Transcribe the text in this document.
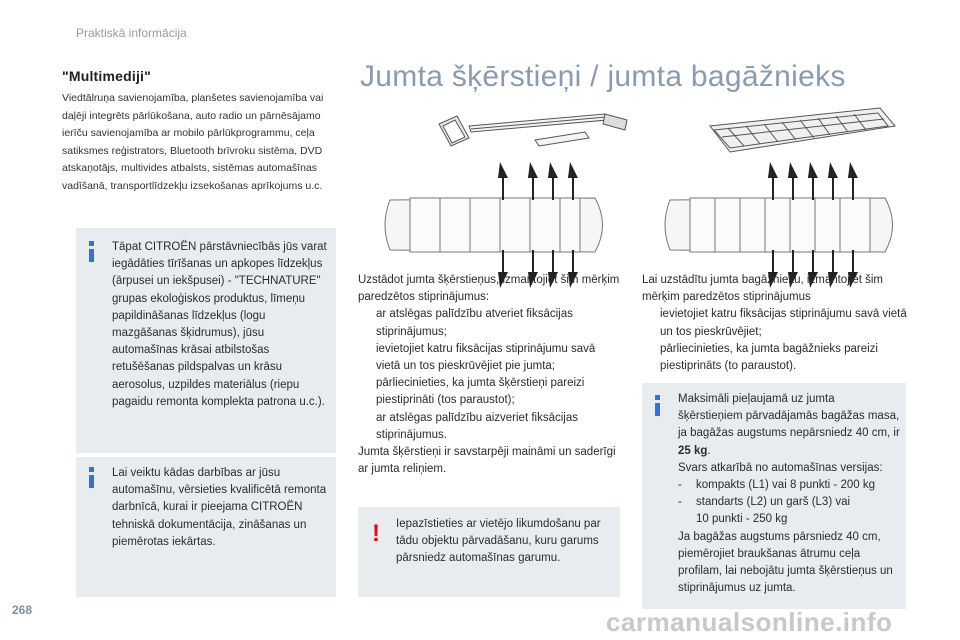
Praktiskā informācija
"Multimediji"
Viedtālruņa savienojamība, planšetes savienojamība vai daļēji integrēts pārlūkošana, auto radio un pārnēsājamo ierīču savienojamība ar mobilo pārlūkprogrammu, ceļa satiksmes reģistrators, Bluetooth brīvroku sistēma, DVD atskaņotājs, multivides atbalsts, sistēmas automašīnas vadīšanā, transportlīdzekļu izsekošanas aprīkojums u.c.
Tāpat CITROËN pārstāvniecībās jūs varat iegādāties tīrīšanas un apkopes līdzekļus (ārpusei un iekšpusei) - "TECHNATURE" grupas ekoloģiskos produktus, līmeņu papildināšanas līdzekļus (logu mazgāšanas šķidrumus), jūsu automašīnas krāsai atbilstošas retušēšanas pildspalvas un krāsu aerosolus, uzpildes materiālus (riepu pagaidu remonta komplekta patrona u.c.).
Lai veiktu kādas darbības ar jūsu automašīnu, vērsieties kvalificētā remonta darbnīcā, kurai ir pieejama CITROËN tehniskā dokumentācija, zināšanas un piemērotas iekārtas.
Jumta šķērstieņi / jumta bagāžnieks
Uzstādot jumta šķērstieņus, izmantojiet šim mērķim paredzētos stiprinājumus:
ar atslēgas palīdzību atveriet fiksācijas stiprinājumus;
ievietojiet katru fiksācijas stiprinājumu savā vietā un tos pieskrūvējiet pie jumta;
pārliecinieties, ka jumta šķērstieņi pareizi piestiprināti (tos paraustot);
ar atslēgas palīdzību aizveriet fiksācijas stiprinājumus.
Jumta šķērstieņi ir savstarpēji maināmi un saderīgi ar jumta reliņiem.
! Iepazīstieties ar vietējo likumdošanu par tādu objektu pārvadāšanu, kuru garums pārsniedz automašīnas garumu.
Lai uzstādītu jumta bagāžnieku, izmantojiet šim mērķim paredzētos stiprinājumus
ievietojiet katru fiksācijas stiprinājumu savā vietā un tos pieskrūvējiet;
pārliecinieties, ka jumta bagāžnieks pareizi piestiprināts (to paraustot).
Maksimāli pieļaujamā uz jumta šķērstieņiem pārvadājamās bagāžas masa, ja bagāžas augstums nepārsniedz 40 cm, ir 25 kg.
Svars atkarībā no automašīnas versijas:
-	kompakts (L1) vai 8 punkti - 200 kg
-	standarts (L2) un garš (L3) vai
10 punkti - 250 kg
Ja bagāžas augstums pārsniedz 40 cm, piemērojiet braukšanas ātrumu ceļa profilam, lai nebojātu jumta šķērstieņus un stiprinājumus uz jumta.
268	carmanualsonline.info
